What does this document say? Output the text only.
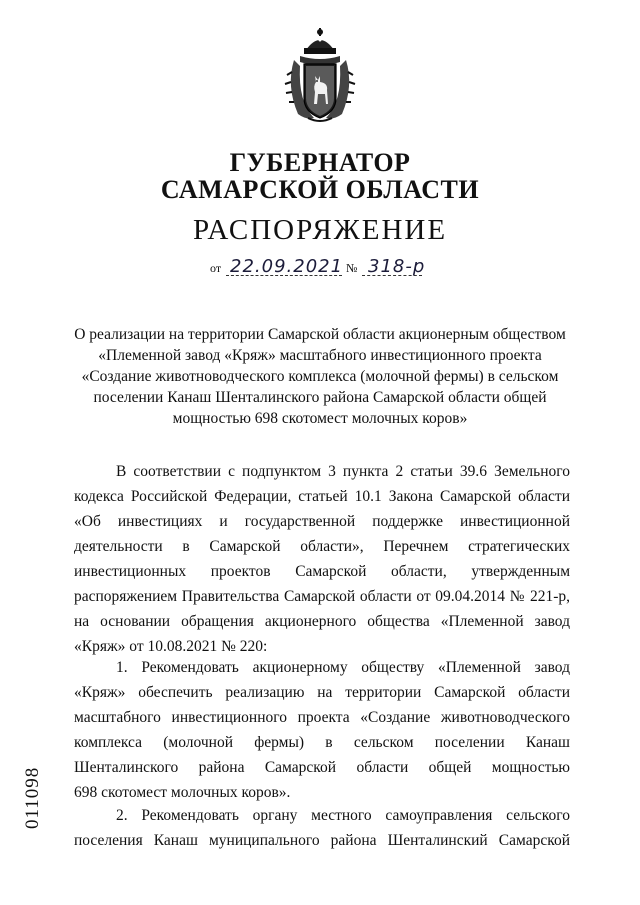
ГУБЕРНАТОР
САМАРСКОЙ ОБЛАСТИ
РАСПОРЯЖЕНИЕ
от 22.09.2021 № 318-р
О реализации на территории Самарской области акционерным обществом
«Племенной завод «Кряж» масштабного инвестиционного проекта
«Создание животноводческого комплекса (молочной фермы) в сельском
поселении Канаш Шенталинского района Самарской области общей
мощностью 698 скотомест молочных коров»
В соответствии с подпунктом 3 пункта 2 статьи 39.6 Земельного
кодекса Российской Федерации, статьей 10.1 Закона Самарской области
«Об инвестициях и государственной поддержке инвестиционной
деятельности в Самарской области», Перечнем стратегических
инвестиционных проектов Самарской области, утвержденным
распоряжением Правительства Самарской области от 09.04.2014 № 221-р,
на основании обращения акционерного общества «Племенной завод
«Кряж» от 10.08.2021 № 220:
1. Рекомендовать акционерному обществу «Племенной завод
«Кряж» обеспечить реализацию на территории Самарской области
масштабного инвестиционного проекта «Создание животноводческого
комплекса (молочной фермы) в сельском поселении Канаш
Шенталинского района Самарской области общей мощностью
698 скотомест молочных коров».
2. Рекомендовать органу местного самоуправления сельского
поселения Канаш муниципального района Шенталинский Самарской
011098
